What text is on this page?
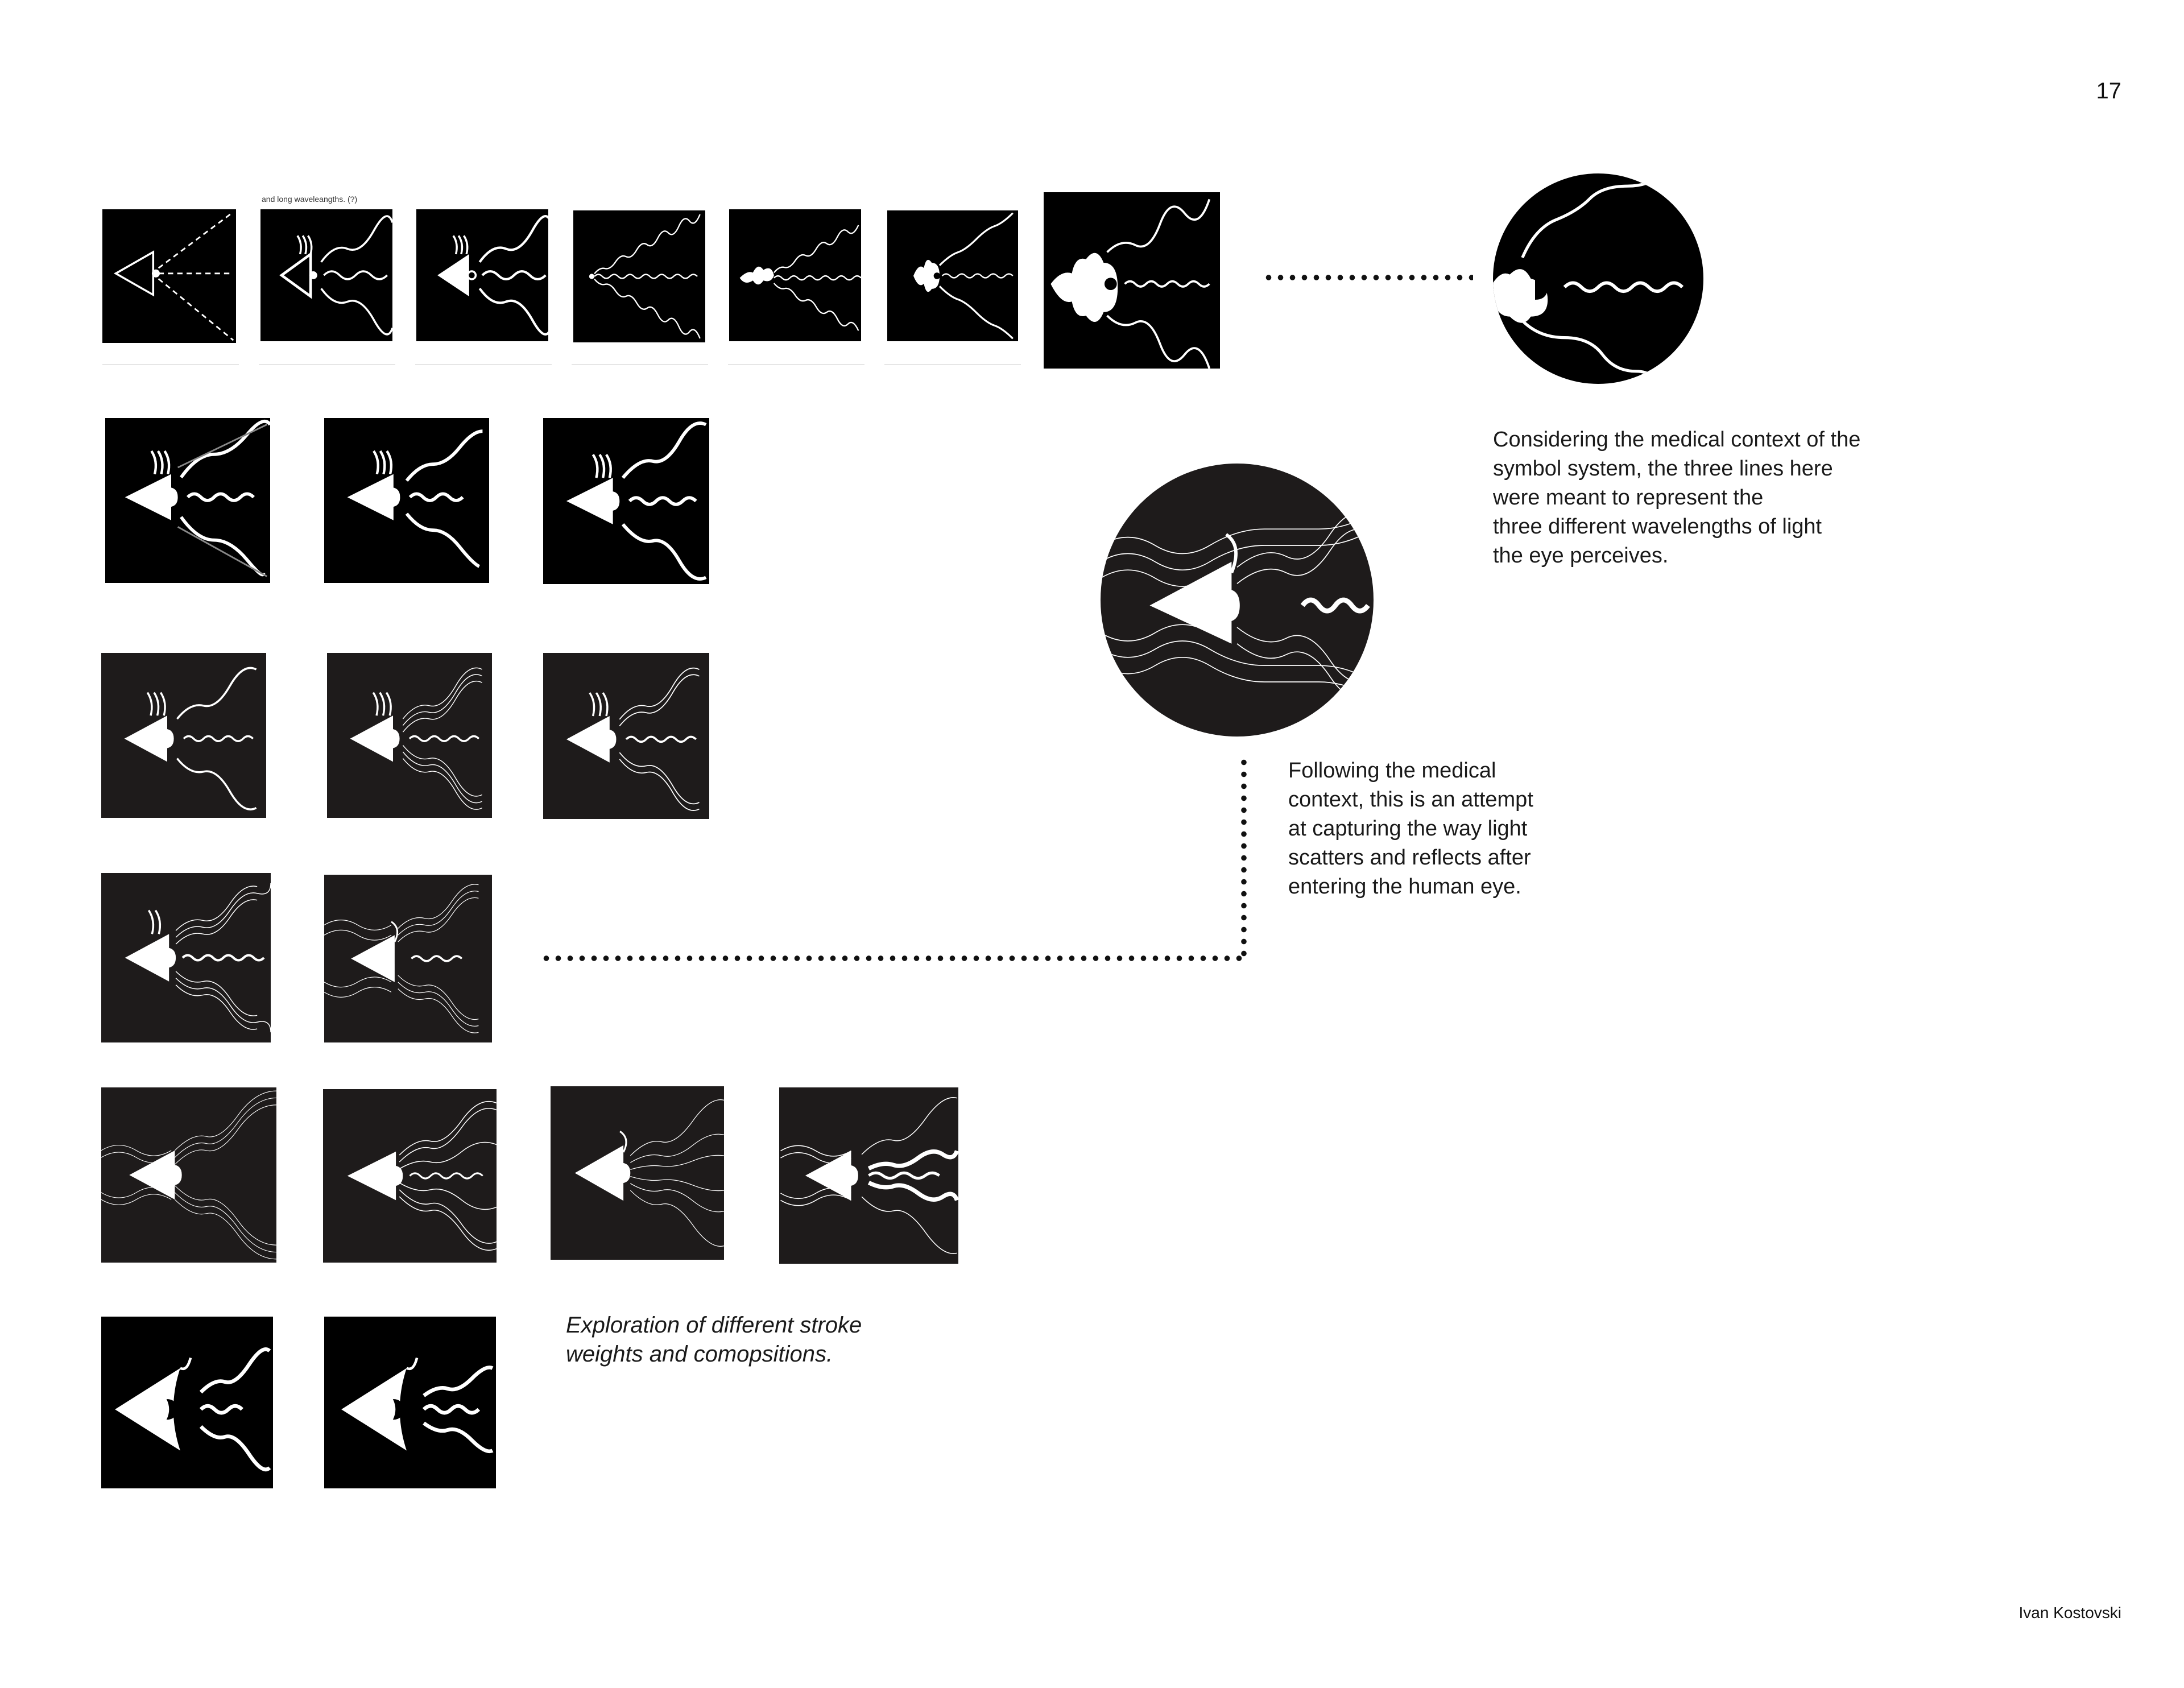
17
Ivan Kostovski
and long waveleangths. (?)
Considering the medical context of the
symbol system, the three lines here
were meant to represent the
three different wavelengths of light
the eye perceives.
Following the medical
context, this is an attempt
at capturing the way light
scatters and reflects after
entering the human eye.
Exploration of different stroke
weights and comopsitions.
